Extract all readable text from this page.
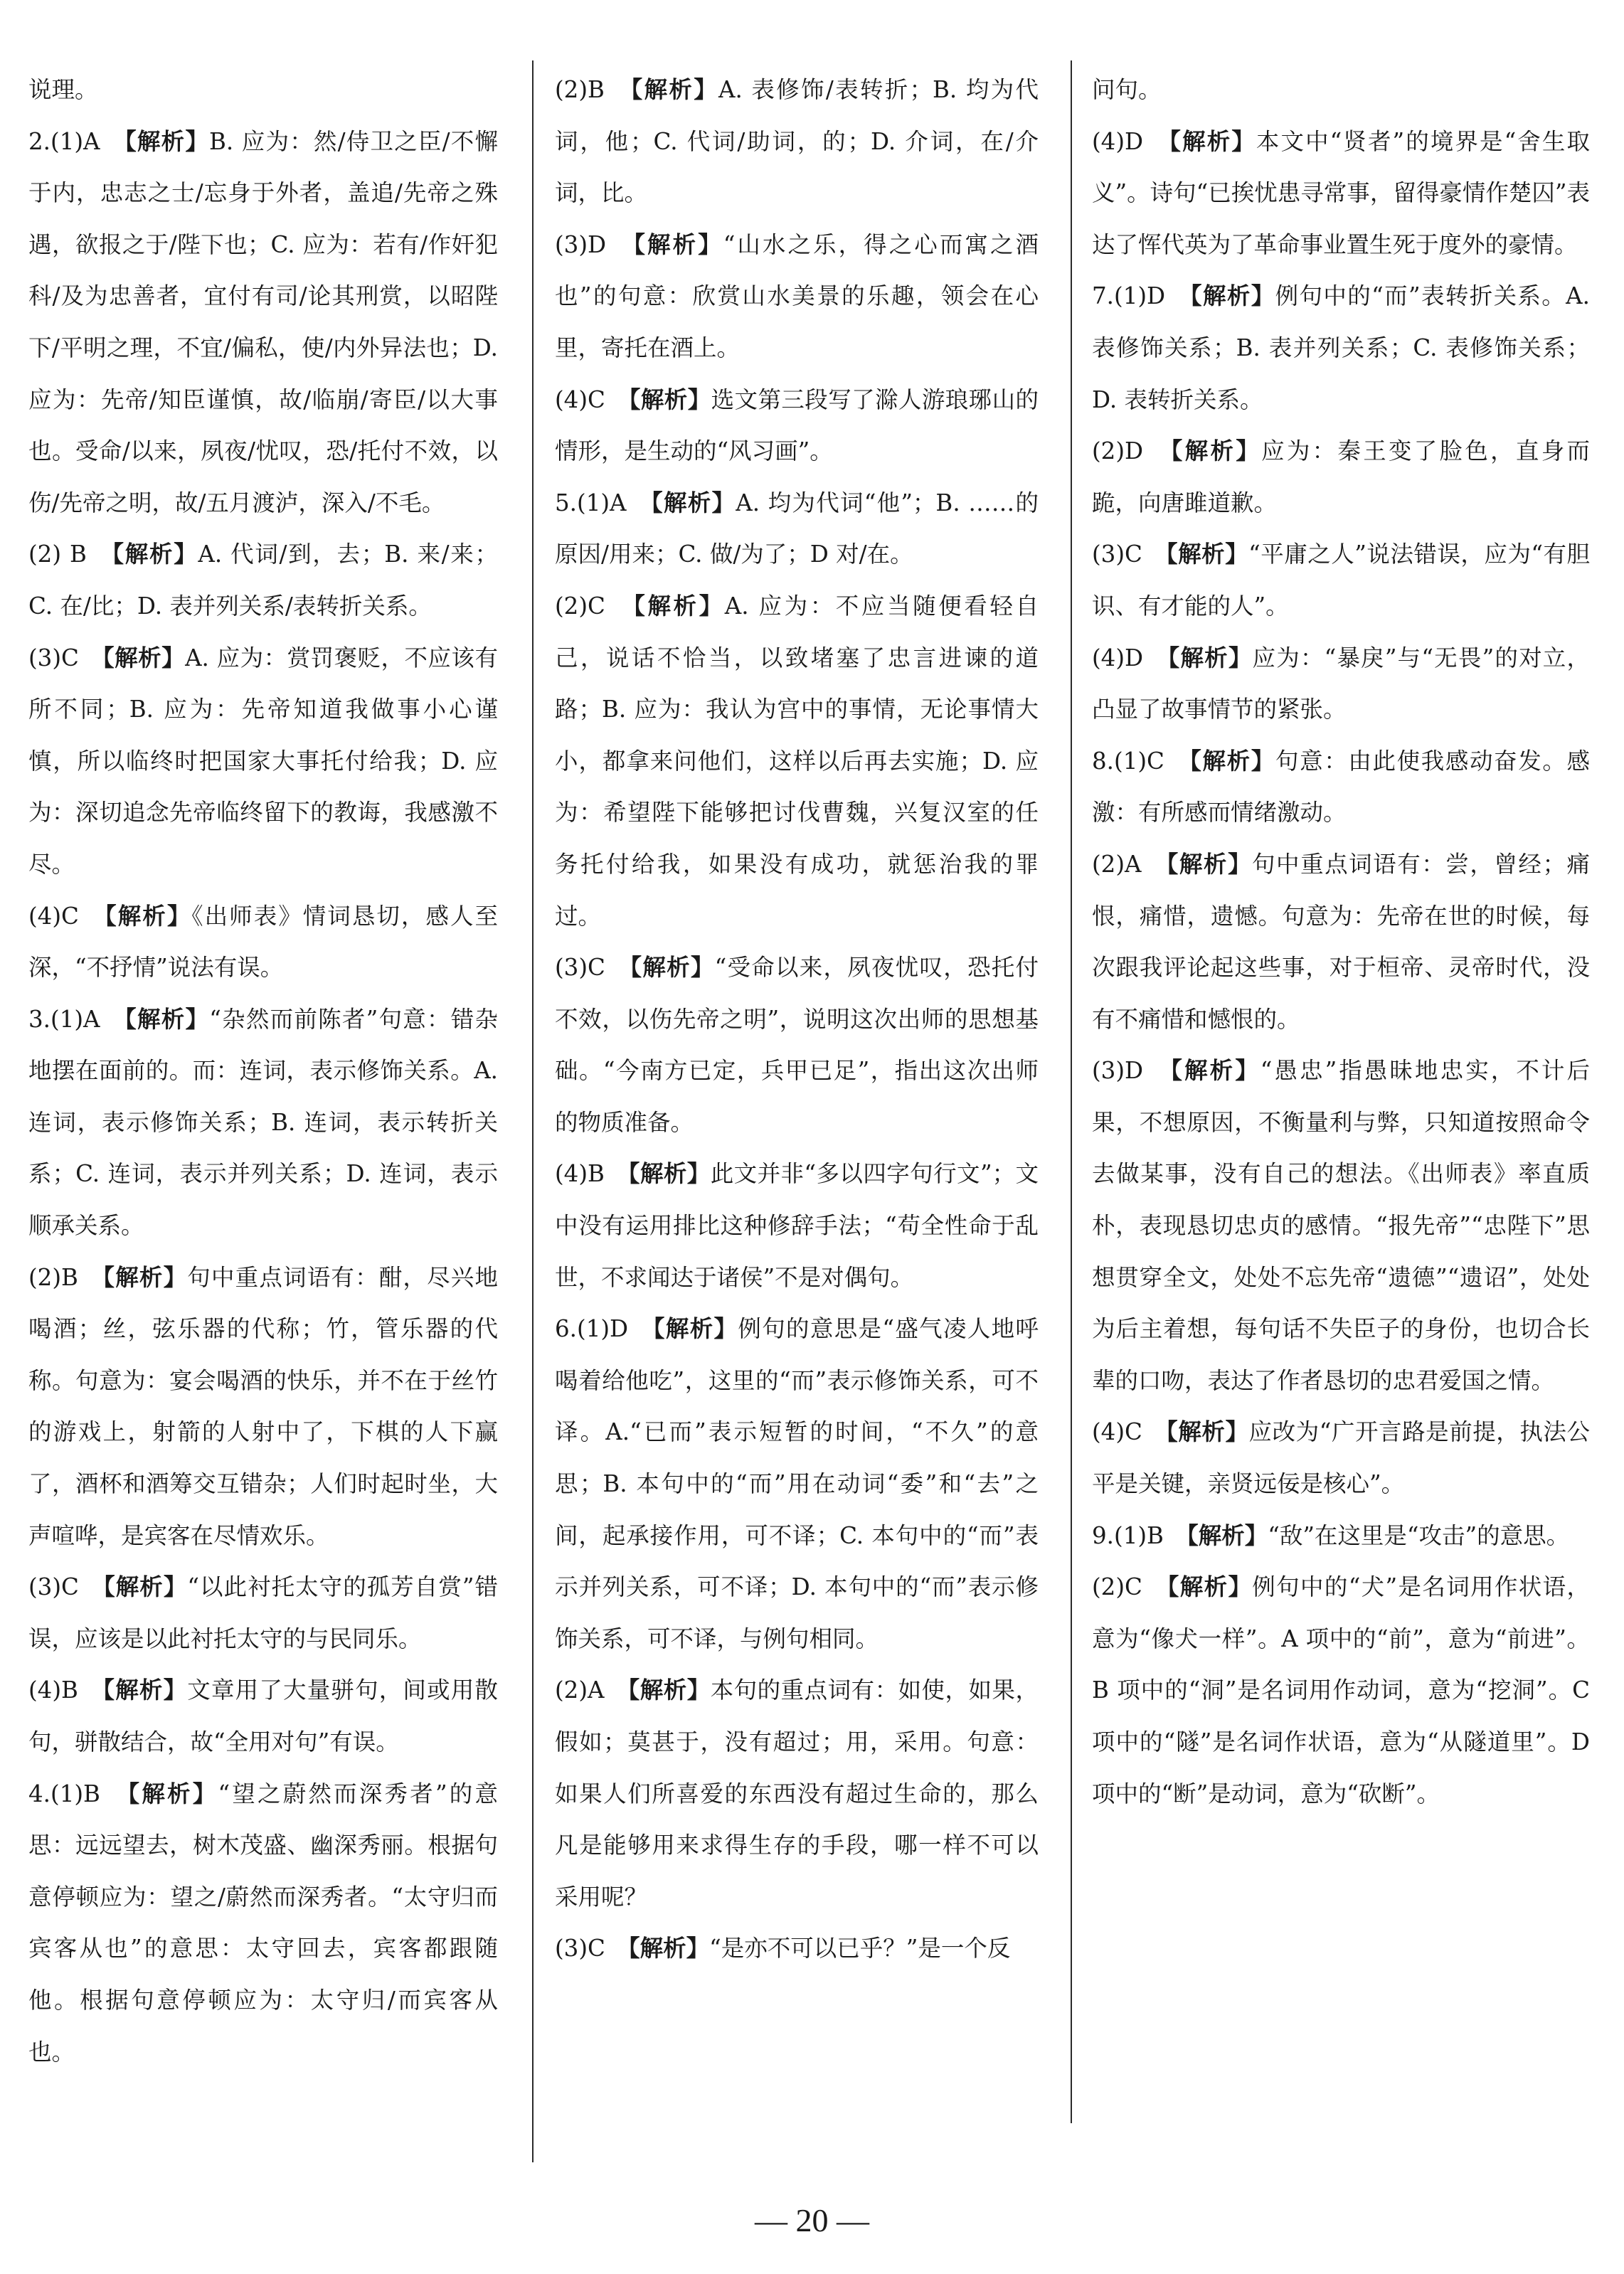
说理。

2.(1)A　【解析】B. 应为：然/侍卫之臣/不懈于内，忠志之士/忘身于外者，盖追/先帝之殊遇，欲报之于/陛下也；C. 应为：若有/作奸犯科/及为忠善者，宜付有司/论其刑赏，以昭陛下/平明之理，不宜/偏私，使/内外异法也；D. 应为：先帝/知臣谨慎，故/临崩/寄臣/以大事也。受命/以来，夙夜/忧叹，恐/托付不效，以伤/先帝之明，故/五月渡泸，深入/不毛。

(2) B　【解析】A. 代词/到，去；B. 来/来；C. 在/比；D. 表并列关系/表转折关系。

(3)C　【解析】A. 应为：赏罚褒贬，不应该有所不同；B. 应为：先帝知道我做事小心谨慎，所以临终时把国家大事托付给我；D. 应为：深切追念先帝临终留下的教诲，我感激不尽。

(4)C　【解析】《出师表》情词恳切，感人至深，“不抒情”说法有误。

3.(1)A　【解析】“杂然而前陈者”句意：错杂地摆在面前的。而：连词，表示修饰关系。A. 连词，表示修饰关系；B. 连词，表示转折关系；C. 连词，表示并列关系；D. 连词，表示顺承关系。

(2)B　【解析】句中重点词语有：酣，尽兴地喝酒；丝，弦乐器的代称；竹，管乐器的代称。句意为：宴会喝酒的快乐，并不在于丝竹的游戏上，射箭的人射中了，下棋的人下赢了，酒杯和酒筹交互错杂；人们时起时坐，大声喧哗，是宾客在尽情欢乐。

(3)C　【解析】“以此衬托太守的孤芳自赏”错误，应该是以此衬托太守的与民同乐。

(4)B　【解析】文章用了大量骈句，间或用散句，骈散结合，故“全用对句”有误。

4.(1)B　【解析】“望之蔚然而深秀者”的意思：远远望去，树木茂盛、幽深秀丽。根据句意停顿应为：望之/蔚然而深秀者。“太守归而宾客从也”的意思：太守回去，宾客都跟随他。根据句意停顿应为：太守归/而宾客从也。

(2)B　【解析】A. 表修饰/表转折；B. 均为代词，他；C. 代词/助词，的；D. 介词，在/介词，比。

(3)D　【解析】“山水之乐，得之心而寓之酒也”的句意：欣赏山水美景的乐趣，领会在心里，寄托在酒上。

(4)C　【解析】选文第三段写了滁人游琅琊山的情形，是生动的“风习画”。

5.(1)A　【解析】A. 均为代词“他”；B. ……的原因/用来；C. 做/为了；D 对/在。

(2)C　【解析】A. 应为：不应当随便看轻自己，说话不恰当，以致堵塞了忠言进谏的道路；B. 应为：我认为宫中的事情，无论事情大小，都拿来问他们，这样以后再去实施；D. 应为：希望陛下能够把讨伐曹魏，兴复汉室的任务托付给我，如果没有成功，就惩治我的罪过。

(3)C　【解析】“受命以来，夙夜忧叹，恐托付不效，以伤先帝之明”，说明这次出师的思想基础。“今南方已定，兵甲已足”，指出这次出师的物质准备。

(4)B　【解析】此文并非“多以四字句行文”；文中没有运用排比这种修辞手法；“苟全性命于乱世，不求闻达于诸侯”不是对偶句。

6.(1)D　【解析】例句的意思是“盛气凌人地呼喝着给他吃”，这里的“而”表示修饰关系，可不译。A.“已而”表示短暂的时间，“不久”的意思；B. 本句中的“而”用在动词“委”和“去”之间，起承接作用，可不译；C. 本句中的“而”表示并列关系，可不译；D. 本句中的“而”表示修饰关系，可不译，与例句相同。

(2)A　【解析】本句的重点词有：如使，如果，假如；莫甚于，没有超过；用，采用。句意：如果人们所喜爱的东西没有超过生命的，那么凡是能够用来求得生存的手段，哪一样不可以采用呢？

(3)C　【解析】“是亦不可以已乎？”是一个反

问句。

(4)D　【解析】本文中“贤者”的境界是“舍生取义”。诗句“已挨忧患寻常事，留得豪情作楚囚”表达了恽代英为了革命事业置生死于度外的豪情。

7.(1)D　【解析】例句中的“而”表转折关系。A. 表修饰关系；B. 表并列关系；C. 表修饰关系；D. 表转折关系。

(2)D　【解析】应为：秦王变了脸色，直身而跪，向唐雎道歉。

(3)C　【解析】“平庸之人”说法错误，应为“有胆识、有才能的人”。

(4)D　【解析】应为：“暴戾”与“无畏”的对立，凸显了故事情节的紧张。

8.(1)C　【解析】句意：由此使我感动奋发。感激：有所感而情绪激动。

(2)A　【解析】句中重点词语有：尝，曾经；痛恨，痛惜，遗憾。句意为：先帝在世的时候，每次跟我评论起这些事，对于桓帝、灵帝时代，没有不痛惜和憾恨的。

(3)D　【解析】“愚忠”指愚昧地忠实，不计后果，不想原因，不衡量利与弊，只知道按照命令去做某事，没有自己的想法。《出师表》率直质朴，表现恳切忠贞的感情。“报先帝”“忠陛下”思想贯穿全文，处处不忘先帝“遗德”“遗诏”，处处为后主着想，每句话不失臣子的身份，也切合长辈的口吻，表达了作者恳切的忠君爱国之情。

(4)C　【解析】应改为“广开言路是前提，执法公平是关键，亲贤远佞是核心”。

9.(1)B　【解析】“敌”在这里是“攻击”的意思。

(2)C　【解析】例句中的“犬”是名词用作状语，意为“像犬一样”。A 项中的“前”，意为“前进”。B 项中的“洞”是名词用作动词，意为“挖洞”。C 项中的“隧”是名词作状语，意为“从隧道里”。D 项中的“断”是动词，意为“砍断”。

— 20 —
